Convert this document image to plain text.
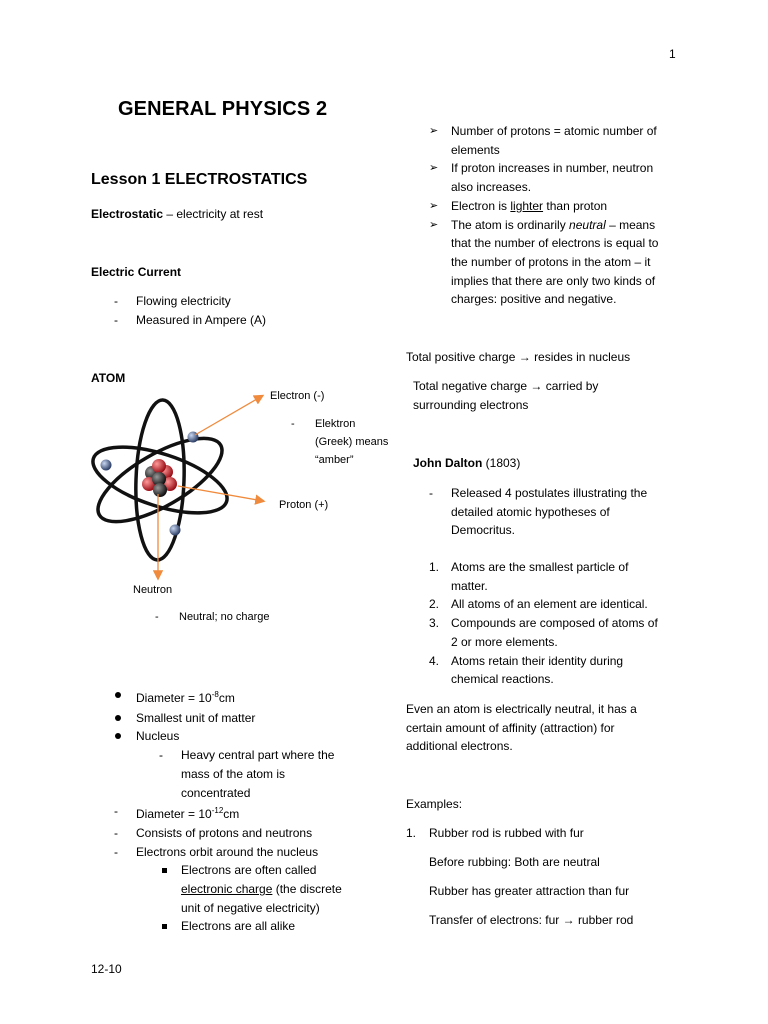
1
GENERAL PHYSICS 2
Lesson 1 ELECTROSTATICS
Electrostatic – electricity at rest
Electric Current
-	Flowing electricity
-	Measured in Ampere (A)
ATOM
Electron (-)
-	Elektron
(Greek) means
“amber”
Proton (+)
Neutron
-	Neutral; no charge
Diameter = $10^{-8}cm$
Smallest unit of matter
Nucleus
-	Heavy central part where the
mass of the atom is
concentrated
-	Diameter = $10^{-12}cm$
-	Consists of protons and neutrons
-	Electrons orbit around the nucleus
Electrons are often called
electronic charge (the discrete
unit of negative electricity)
Electrons are all alike
12-10
➢	Number of protons = atomic number of
elements
➢	If proton increases in number, neutron
also increases.
➢	Electron is lighter than proton
➢	The atom is ordinarily neutral – means
that the number of electrons is equal to
the number of protons in the atom – it
implies that there are only two kinds of
charges: positive and negative.
Total positive charge → resides in nucleus
Total negative charge → carried by
surrounding electrons
John Dalton (1803)
-	Released 4 postulates illustrating the
detailed atomic hypotheses of
Democritus.
1. Atoms are the smallest particle of
matter.
2. All atoms of an element are identical.
3. Compounds are composed of atoms of
2 or more elements.
4. Atoms retain their identity during
chemical reactions.
Even an atom is electrically neutral, it has a
certain amount of affinity (attraction) for
additional electrons.
Examples:
1. Rubber rod is rubbed with fur
Before rubbing: Both are neutral
Rubber has greater attraction than fur
Transfer of electrons: fur → rubber rod
